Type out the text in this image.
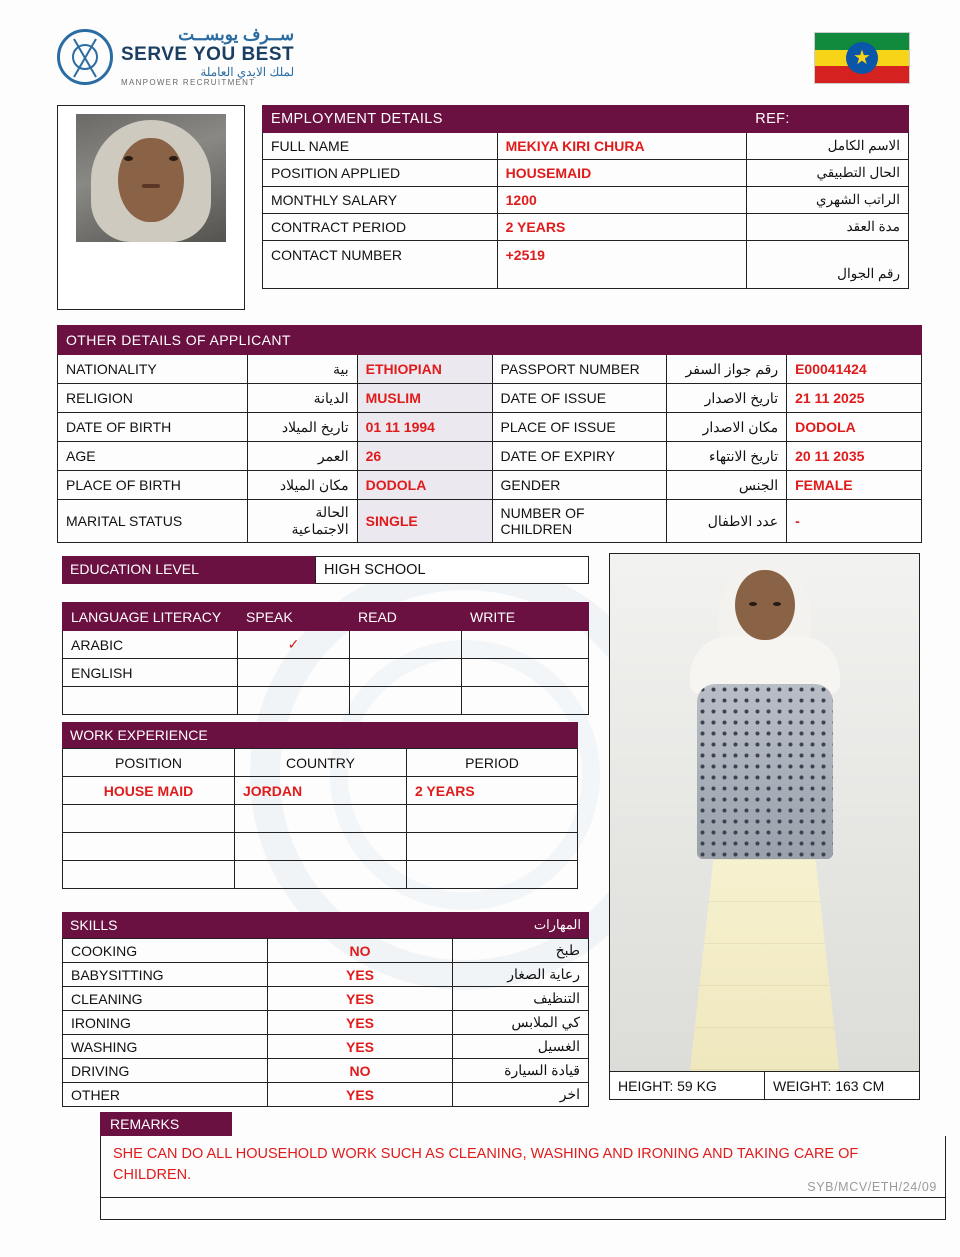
ســرف يوبســت
SERVE YOU BEST
لملك الايدي العاملة
MANPOWER RECRUITMENT
★
EMPLOYMENT DETAILS		REF:
FULL NAME	MEKIYA KIRI CHURA	الاسم الكامل
POSITION APPLIED	HOUSEMAID	الحال التطبيقي
MONTHLY SALARY	1200	الراتب الشهري
CONTRACT PERIOD	2 YEARS	مدة العقد
CONTACT NUMBER	+2519	رقم الجوال
OTHER DETAILS OF APPLICANT					
NATIONALITY	بية	ETHIOPIAN	PASSPORT NUMBER	رقم جواز السفر	E00041424
RELIGION	الديانة	MUSLIM	DATE OF ISSUE	تاريخ الاصدار	21 11 2025
DATE OF BIRTH	تاريخ الميلاد	01 11 1994	PLACE OF ISSUE	مكان الاصدار	DODOLA
AGE	العمر	26	DATE OF EXPIRY	تاريخ الانتهاء	20 11 2035
PLACE OF BIRTH	مكان الميلاد	DODOLA	GENDER	الجنس	FEMALE
MARITAL STATUS	الحالة الاجتماعية	SINGLE	NUMBER OF CHILDREN	عدد الاطفال	-
EDUCATION LEVEL	HIGH SCHOOL
LANGUAGE LITERACY	SPEAK	READ	WRITE
ARABIC	✓		
ENGLISH			

WORK EXPERIENCE
POSITION	COUNTRY	PERIOD
HOUSE MAID	JORDAN	2 YEARS

SKILLS	المهارات
COOKING	NO	طبخ
BABYSITTING	YES	رعاية الصغار
CLEANING	YES	التنظيف
IRONING	YES	كي الملابس
WASHING	YES	الغسيل
DRIVING	NO	قيادة السيارة
OTHER	YES	اخر
HEIGHT: 59 KG	WEIGHT: 163 CM
REMARKS
SHE CAN DO ALL HOUSEHOLD WORK SUCH AS CLEANING, WASHING AND IRONING AND TAKING CARE OF CHILDREN.
SYB/MCV/ETH/24/09
